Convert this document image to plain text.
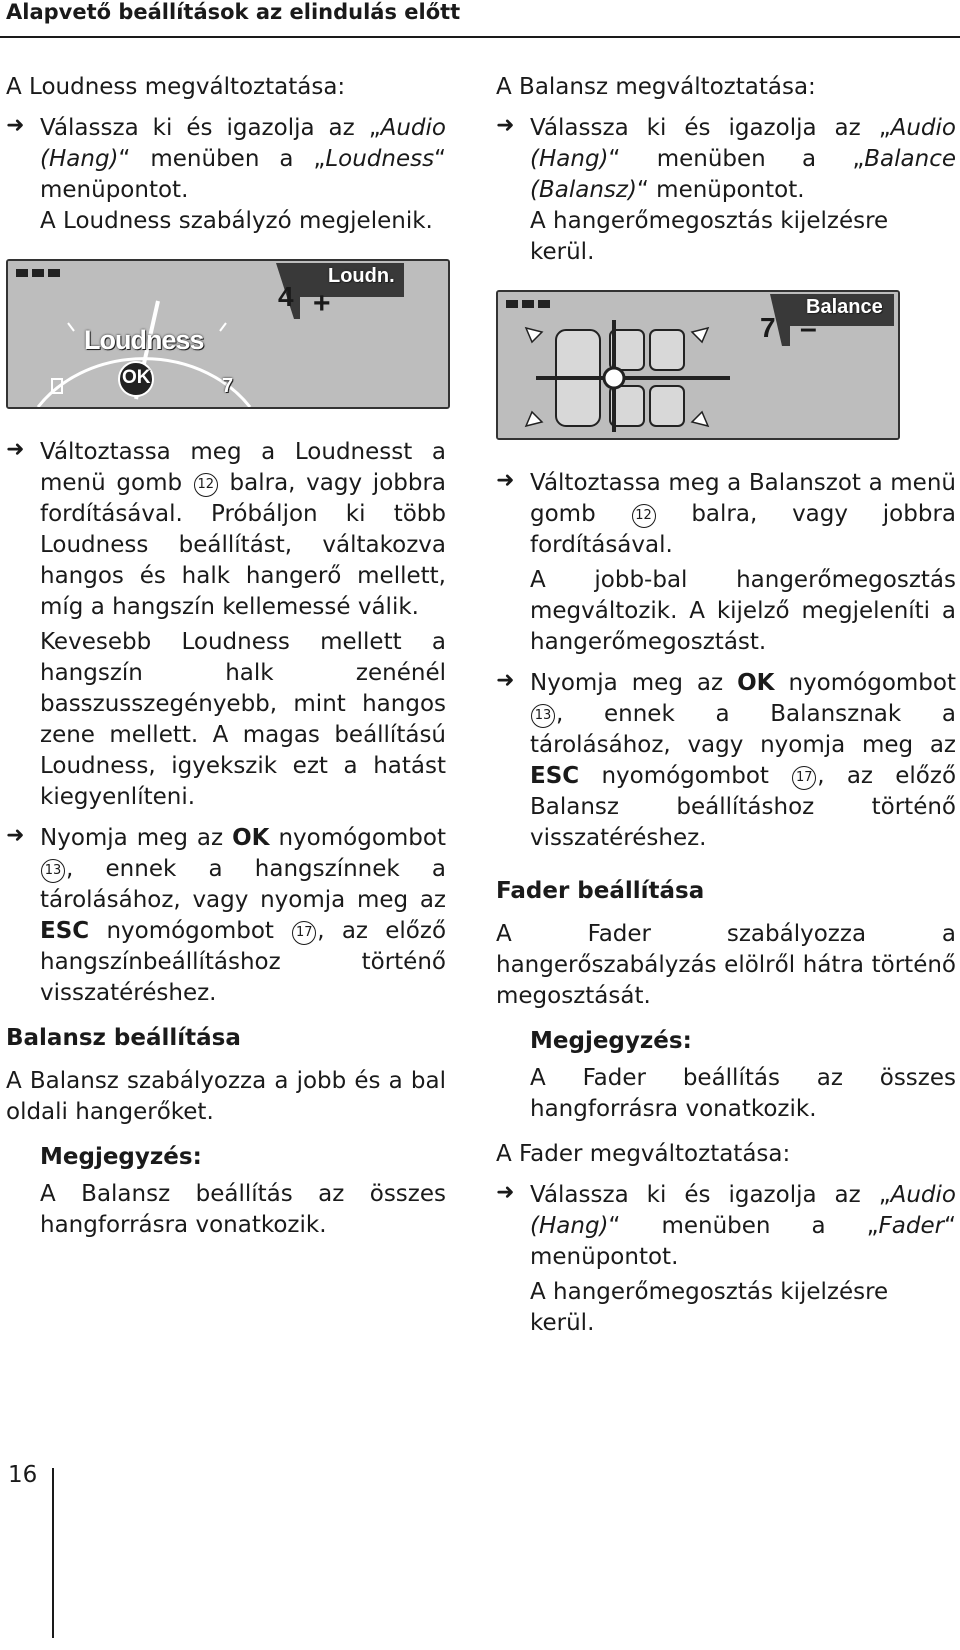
Alapvető beállítások az elindulás előtt

A Loudness megváltoztatása:

➜ Válassza ki és igazolja az „Audio (Hang)“ menüben a „Loudness“ menüpontot.

A Loudness szabályzó megjelenik.

Loudn.
4 +
Loudness
OK	7
➜ Változtassa meg a Loudnesst a menü gomb 12 balra, vagy jobbra fordításával. Próbáljon ki több Loudness beállítást, váltakozva hangos és halk hangerő mellett, míg a hangszín kellemessé válik.

Kevesebb Loudness mellett a hangszín halk zenénél basszusszegényebb, mint hangos zene mellett. A magas beállítású Loudness, igyekszik ezt a hatást kiegyenlíteni.

➜ Nyomja meg az OK nyomógombot 13 , ennek a hangszínnek a tárolásához, vagy nyomja meg az ESC nyomógombot 17 , az előző hangszínbeállításhoz történő visszatéréshez.

Balansz beállítása

A Balansz szabályozza a jobb és a bal oldali hangerőket.

Megjegyzés:

A Balansz beállítás az összes hangforrásra vonatkozik.

A Balansz megváltoztatása:

➜ Válassza ki és igazolja az „Audio (Hang)“ menüben a „Balance (Balansz)“ menüpontot.

A hangerőmegosztás kijelzésre kerül.

Balance
7 –
➜ Változtassa meg a Balanszot a menü gomb	12 balra, vagy jobbra fordításával.

A jobb-bal hangerőmegosztás megváltozik. A kijelző megjeleníti a hangerőmegosztást.

➜ Nyomja meg az OK nyomógombot 13 , ennek a Balansznak a tárolásához, vagy nyomja meg az ESC nyomógombot 17 , az előző Balansz beállításhoz történő visszatéréshez.

Fader beállítása

A Fader szabályozza a hangerőszabályzás elölről hátra történő megosztását.

Megjegyzés:

A Fader beállítás az összes hangforrásra vonatkozik.

A Fader megváltoztatása:

➜ Válassza ki és igazolja az „Audio (Hang)“ menüben a „Fader“ menüpontot.

A hangerőmegosztás kijelzésre kerül.

16
